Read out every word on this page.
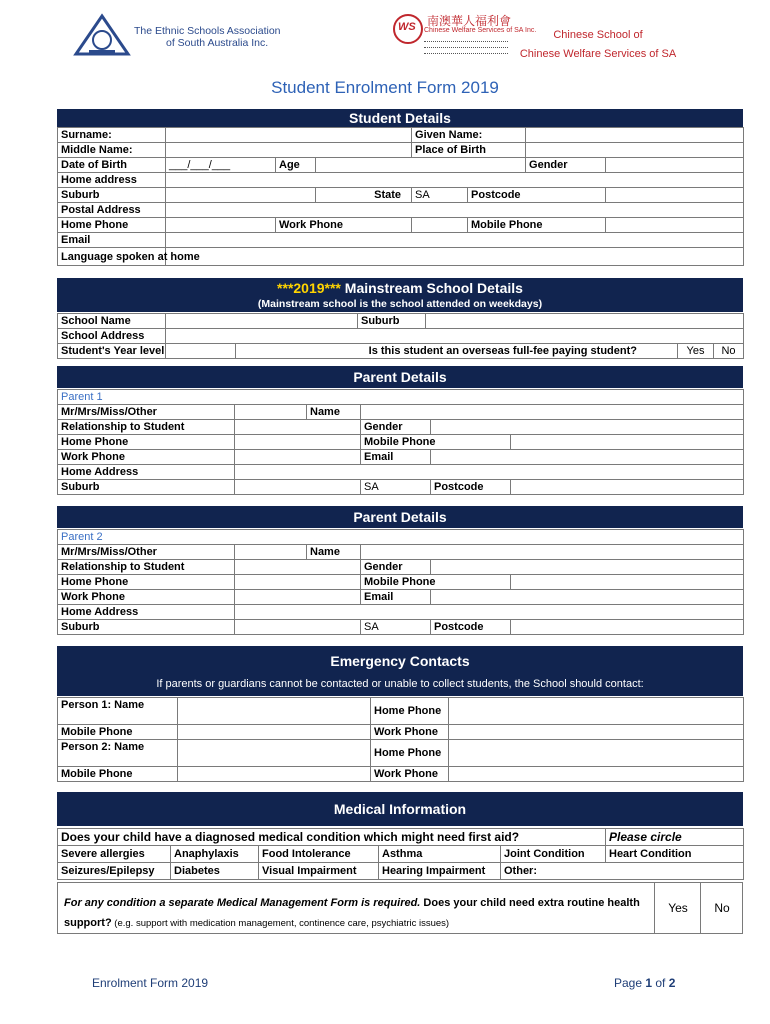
The Ethnic Schools Association
of South Australia Inc.
WS 南澳華人福利會
Chinese Welfare Services of SA Inc.	Chinese School of
Chinese Welfare Services of SA
Student Enrolment Form 2019
Student Details
Surname:				Given Name:			
Middle Name:				Place of Birth			
Date of Birth	___/___/___	Age				Gender	
Home address							
Suburb			State	SA	Postcode		
Postal Address							
Home Phone		Work Phone			Mobile Phone		
Email							
Language spoken at home							
***2019*** Mainstream School Details
(Mainstream school is the school attended on weekdays)
School Name			Suburb			
School Address						
Student's Year level		Is this student an overseas full-fee paying student?			Yes	No
Parent Details
Parent 1					
Mr/Mrs/Miss/Other		Name			
Relationship to Student			Gender		
Home Phone			Mobile Phone		
Work Phone			Email		
Home Address					
Suburb			SA	Postcode	
Parent Details
Parent 2					
Mr/Mrs/Miss/Other		Name			
Relationship to Student			Gender		
Home Phone			Mobile Phone		
Work Phone			Email		
Home Address					
Suburb			SA	Postcode	
Emergency Contacts
If parents or guardians cannot be contacted or unable to collect students, the School should contact:
Person 1: Name		Home Phone	
Mobile Phone		Work Phone	
Person 2: Name		Home Phone	
Mobile Phone		Work Phone	
Medical Information
Does your child have a diagnosed medical condition which might need first aid?					Please circle
Severe allergies	Anaphylaxis	Food Intolerance	Asthma	Joint Condition	Heart Condition
Seizures/Epilepsy	Diabetes	Visual Impairment	Hearing Impairment	Other:	
For any condition a separate Medical Management Form is required. Does your child need extra routine health support? (e.g. support with medication management, continence care, psychiatric issues)
Yes	No
Enrolment Form 2019	Page 1 of 2
